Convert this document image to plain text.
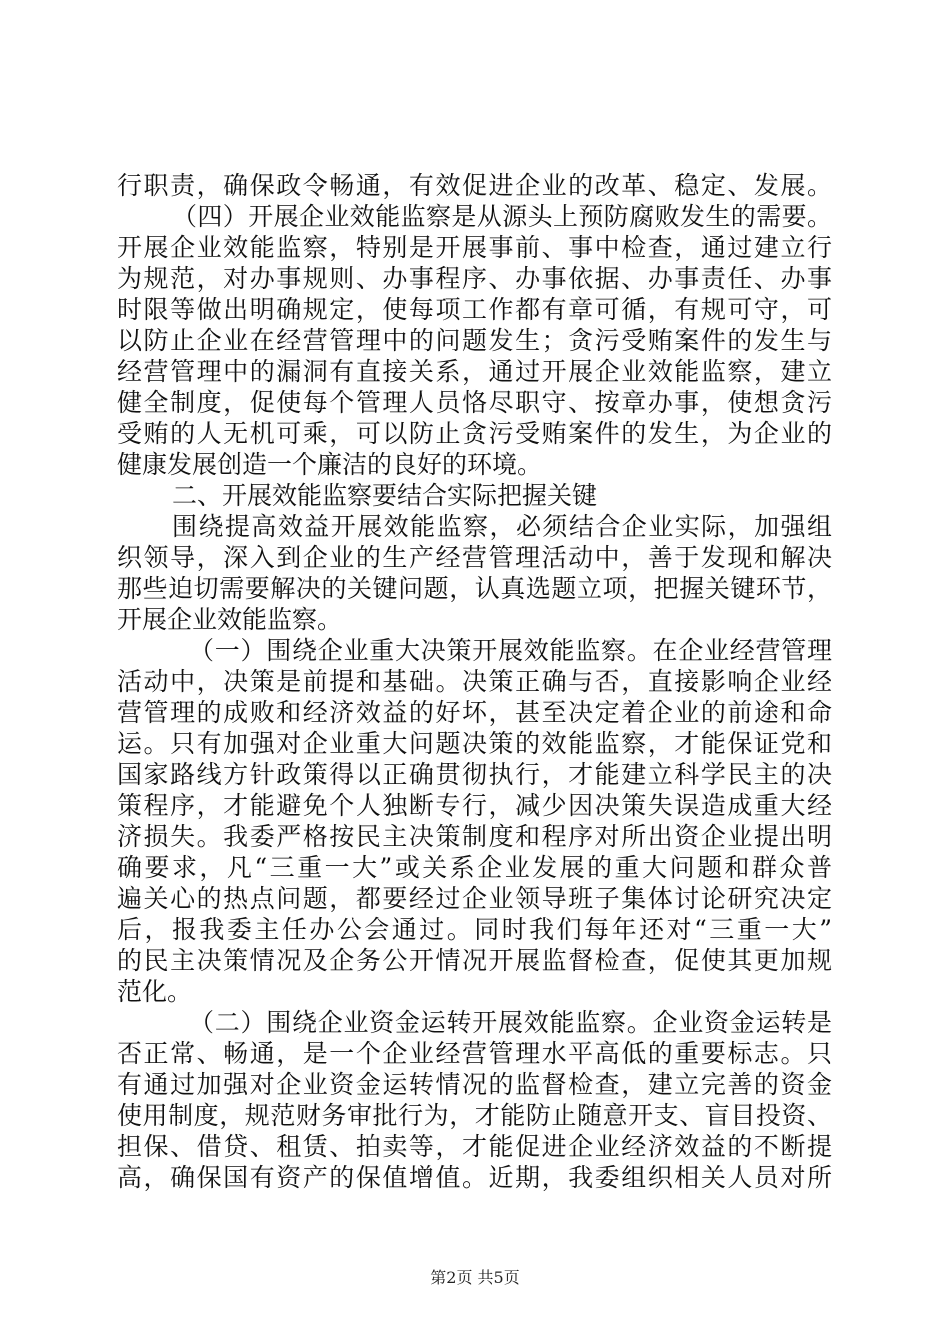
行职责，确保政令畅通，有效促进企业的改革、稳定、发展。
（四）开展企业效能监察是从源头上预防腐败发生的需要。
开展企业效能监察，特别是开展事前、事中检查，通过建立行
为规范，对办事规则、办事程序、办事依据、办事责任、办事
时限等做出明确规定，使每项工作都有章可循，有规可守，可
以防止企业在经营管理中的问题发生；贪污受贿案件的发生与
经营管理中的漏洞有直接关系，通过开展企业效能监察，建立
健全制度，促使每个管理人员恪尽职守、按章办事，使想贪污
受贿的人无机可乘，可以防止贪污受贿案件的发生，为企业的
健康发展创造一个廉洁的良好的环境。
二、开展效能监察要结合实际把握关键
围绕提高效益开展效能监察，必须结合企业实际，加强组
织领导，深入到企业的生产经营管理活动中，善于发现和解决
那些迫切需要解决的关键问题，认真选题立项，把握关键环节，
开展企业效能监察。
（一）围绕企业重大决策开展效能监察。在企业经营管理
活动中，决策是前提和基础。决策正确与否，直接影响企业经
营管理的成败和经济效益的好坏，甚至决定着企业的前途和命
运。只有加强对企业重大问题决策的效能监察，才能保证党和
国家路线方针政策得以正确贯彻执行，才能建立科学民主的决
策程序，才能避免个人独断专行，减少因决策失误造成重大经
济损失。我委严格按民主决策制度和程序对所出资企业提出明
确要求，凡“三重一大”或关系企业发展的重大问题和群众普
遍关心的热点问题，都要经过企业领导班子集体讨论研究决定
后，报我委主任办公会通过。同时我们每年还对“三重一大”
的民主决策情况及企务公开情况开展监督检查，促使其更加规
范化。
（二）围绕企业资金运转开展效能监察。企业资金运转是
否正常、畅通，是一个企业经营管理水平高低的重要标志。只
有通过加强对企业资金运转情况的监督检查，建立完善的资金
使用制度，规范财务审批行为，才能防止随意开支、盲目投资、
担保、借贷、租赁、拍卖等，才能促进企业经济效益的不断提
高，确保国有资产的保值增值。近期，我委组织相关人员对所
第2页 共5页
